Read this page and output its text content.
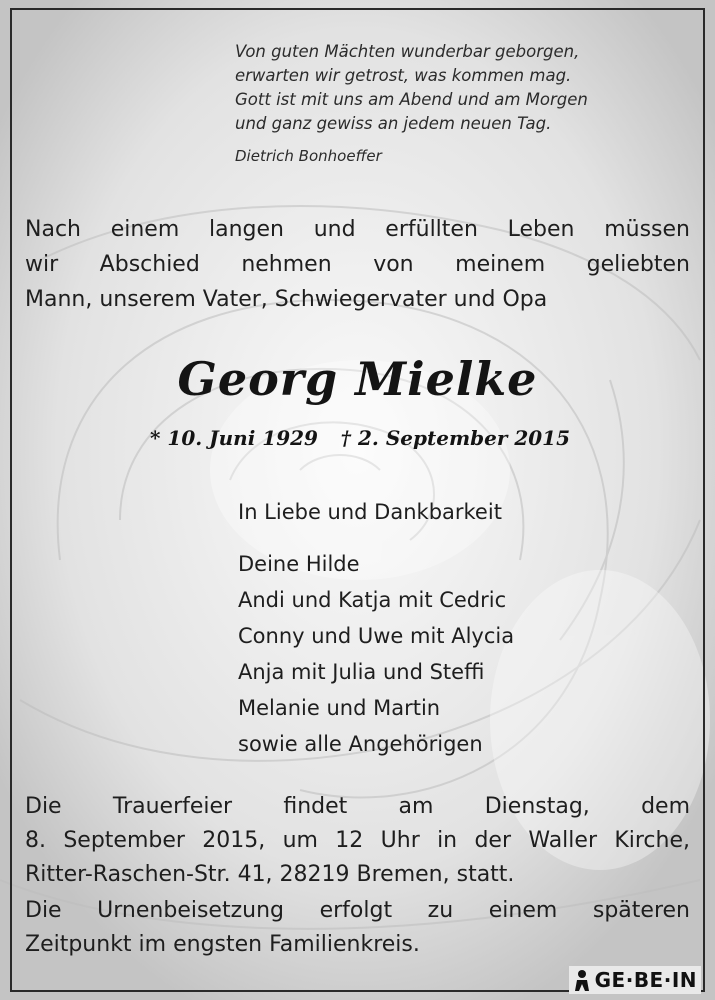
Von guten Mächten wunderbar geborgen,
erwarten wir getrost, was kommen mag.
Gott ist mit uns am Abend und am Morgen
und ganz gewiss an jedem neuen Tag.
Dietrich Bonhoeffer
Nach einem langen und erfüllten Leben müssen
wir Abschied nehmen von meinem geliebten
Mann, unserem Vater, Schwiegervater und Opa
Georg Mielke
* 10. Juni 1929 † 2. September 2015
In Liebe und Dankbarkeit
Deine Hilde
Andi und Katja mit Cedric
Conny und Uwe mit Alycia
Anja mit Julia und Steffi
Melanie und Martin
sowie alle Angehörigen
Die Trauerfeier findet am Dienstag, dem
8. September 2015, um 12 Uhr in der Waller Kirche,
Ritter-Raschen-Str. 41, 28219 Bremen, statt.
Die Urnenbeisetzung erfolgt zu einem späteren
Zeitpunkt im engsten Familienkreis.
GE·BE·IN
